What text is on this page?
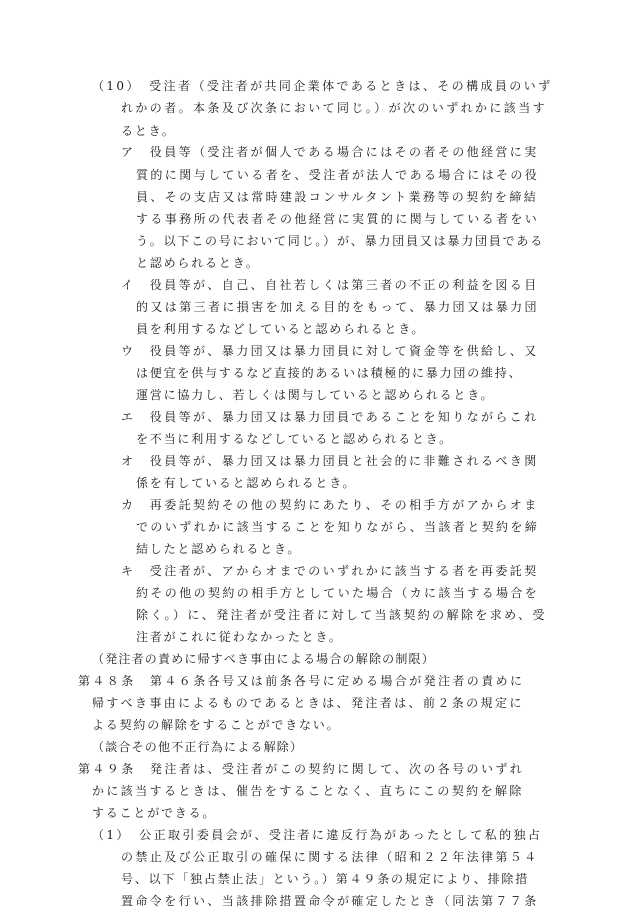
（10）　受注者（受注者が共同企業体であるときは、その構成員のいず
れかの者。本条及び次条において同じ。）が次のいずれかに該当す
るとき。
ア　役員等（受注者が個人である場合にはその者その他経営に実
質的に関与している者を、受注者が法人である場合にはその役
員、その支店又は常時建設コンサルタント業務等の契約を締結
する事務所の代表者その他経営に実質的に関与している者をい
う。以下この号において同じ。）が、暴力団員又は暴力団員である
と認められるとき。
イ　役員等が、自己、自社若しくは第三者の不正の利益を図る目
的又は第三者に損害を加える目的をもって、暴力団又は暴力団
員を利用するなどしていると認められるとき。
ウ　役員等が、暴力団又は暴力団員に対して資金等を供給し、又
は便宜を供与するなど直接的あるいは積極的に暴力団の維持、
運営に協力し、若しくは関与していると認められるとき。
エ　役員等が、暴力団又は暴力団員であることを知りながらこれ
を不当に利用するなどしていると認められるとき。
オ　役員等が、暴力団又は暴力団員と社会的に非難されるべき関
係を有していると認められるとき。
カ　再委託契約その他の契約にあたり、その相手方がアからオま
でのいずれかに該当することを知りながら、当該者と契約を締
結したと認められるとき。
キ　受注者が、アからオまでのいずれかに該当する者を再委託契
約その他の契約の相手方としていた場合（カに該当する場合を
除く。）に、発注者が受注者に対して当該契約の解除を求め、受
注者がこれに従わなかったとき。
（発注者の責めに帰すべき事由による場合の解除の制限）
第４８条　第４６条各号又は前条各号に定める場合が発注者の責めに
帰すべき事由によるものであるときは、発注者は、前２条の規定に
よる契約の解除をすることができない。
（談合その他不正行為による解除）
第４９条　発注者は、受注者がこの契約に関して、次の各号のいずれ
かに該当するときは、催告をすることなく、直ちにこの契約を解除
することができる。
（1）　公正取引委員会が、受注者に違反行為があったとして私的独占
の禁止及び公正取引の確保に関する法律（昭和２２年法律第５４
号、以下「独占禁止法」という。）第４９条の規定により、排除措
置命令を行い、当該排除措置命令が確定したとき（同法第７７条
